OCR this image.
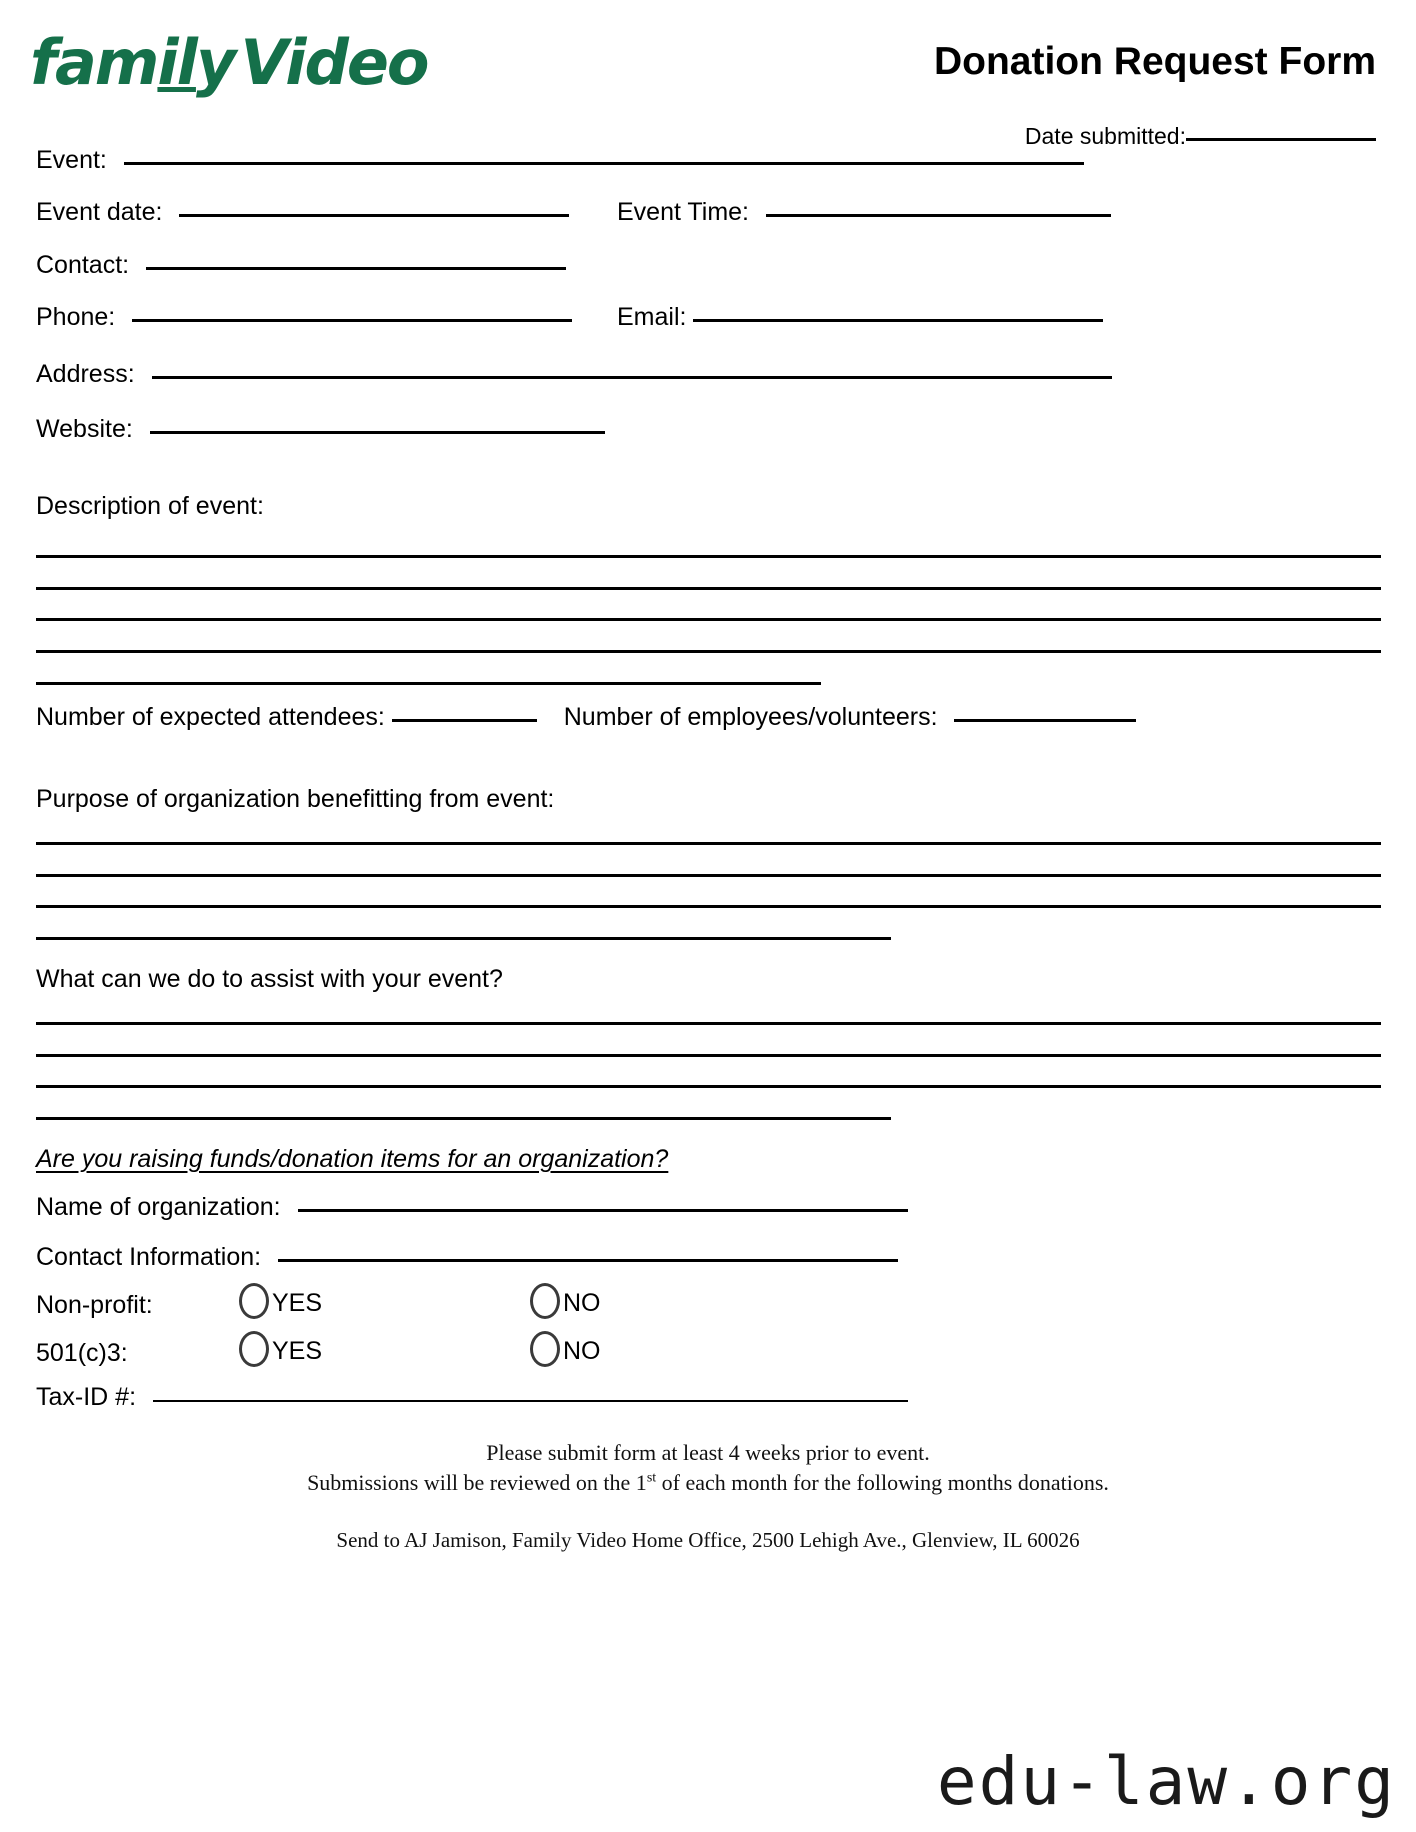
familyVideo	Donation Request Form
Date submitted:
Event:
Event date:	Event Time:
Contact:
Phone:	Email:
Address:
Website:
Description of event:
Number of expected attendees:	Number of employees/volunteers:
Purpose of organization benefitting from event:
What can we do to assist with your event?
Are you raising funds/donation items for an organization?
Name of organization:
Contact Information:
Non-profit:	YES	NO
501(c)3:	YES	NO
Tax-ID #:
Please submit form at least 4 weeks prior to event.
Submissions will be reviewed on the 1st of each month for the following months donations.
Send to AJ Jamison, Family Video Home Office, 2500 Lehigh Ave., Glenview, IL 60026
edu-law.org
